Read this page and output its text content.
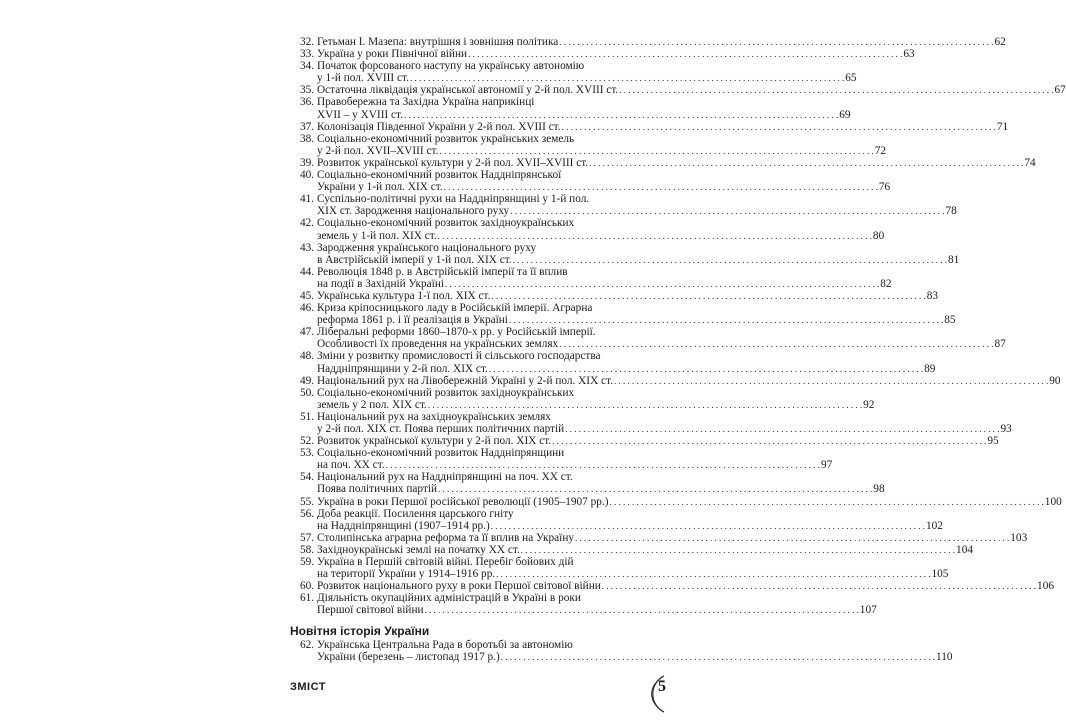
32. Гетьман І. Мазепа: внутрішня і зовнішня політика . . .	62
33. Україна у роки Північної війни . . .	63
34. Початок форсованого наступу на українську автономію
у 1-й пол. XVIII ст. . . .	65
35. Остаточна ліквідація української автономії у 2-й пол. XVIII ст. . . .	67
36. Правобережна та Західна Україна наприкінці
XVII – у XVIII ст. . . .	69
37. Колонізація Південної України у 2-й пол. XVIII ст. . . .	71
38. Соціально-економічний розвиток українських земель
у 2-й пол. XVII–XVIII ст. . . .	72
39. Розвиток української культури у 2-й пол. XVII–XVIII ст. . . .	74
40. Соціально-економічний розвиток Наддніпрянської
України у 1-й пол. XIX ст. . . .	76
41. Суспільно-політичні рухи на Наддніпрянщині у 1-й пол.
XIX ст. Зародження національного руху . . .	78
42. Соціально-економічний розвиток західноукраїнських
земель у 1-й пол. XIX ст. . . .	80
43. Зародження українського національного руху
в Австрійській імперії у 1-й пол. XIX ст. . . .	81
44. Революція 1848 р. в Австрійській імперії та її вплив
на події в Західній Україні . . .	82
45. Українська культура 1-ї пол. XIX ст. . . .	83
46. Криза кріпосницького ладу в Російській імперії. Аграрна
реформа 1861 р. і її реалізація в Україні . . .	85
47. Ліберальні реформи 1860–1870-х рр. у Російській імперії.
Особливості їх проведення на українських землях . . .	87
48. Зміни у розвитку промисловості й сільського господарства
Наддніпрянщини у 2-й пол. XIX ст. . . .	89
49. Національний рух на Лівобережній Україні у 2-й пол. XIX ст. . . .	90
50. Соціально-економічний розвиток західноукраїнських
земель у 2 пол. XIX ст. . . .	92
51. Національний рух на західноукраїнських землях
у 2-й пол. XIX ст. Поява перших політичних партій . . .	93
52. Розвиток української культури у 2-й пол. XIX ст. . . .	95
53. Соціально-економічний розвиток Наддніпрянщини
на поч. XX ст. . . .	97
54. Національний рух на Наддніпрянщині на поч. XX ст.
Поява політичних партій . . .	98
55. Україна в роки Першої російської революції (1905–1907 рр.) . . .	100
56. Доба реакції. Посилення царського гніту
на Наддніпрянщині (1907–1914 рр.) . . .	102
57. Столипінська аграрна реформа та її вплив на Україну . . .	103
58. Західноукраїнські землі на початку XX ст. . . .	104
59. Україна в Першій світовій війні. Перебіг бойових дій
на території України у 1914–1916 рр. . . .	105
60. Розвиток національного руху в роки Першої світової війни . . .	106
61. Діяльність окупаційних адміністрацій в Україні в роки
Першої світової війни . . .	107
Новітня історія України
62. Українська Центральна Рада в боротьбі за автономію
України (березень – листопад 1917 р.) . . .	110
ЗМІСТ	5
